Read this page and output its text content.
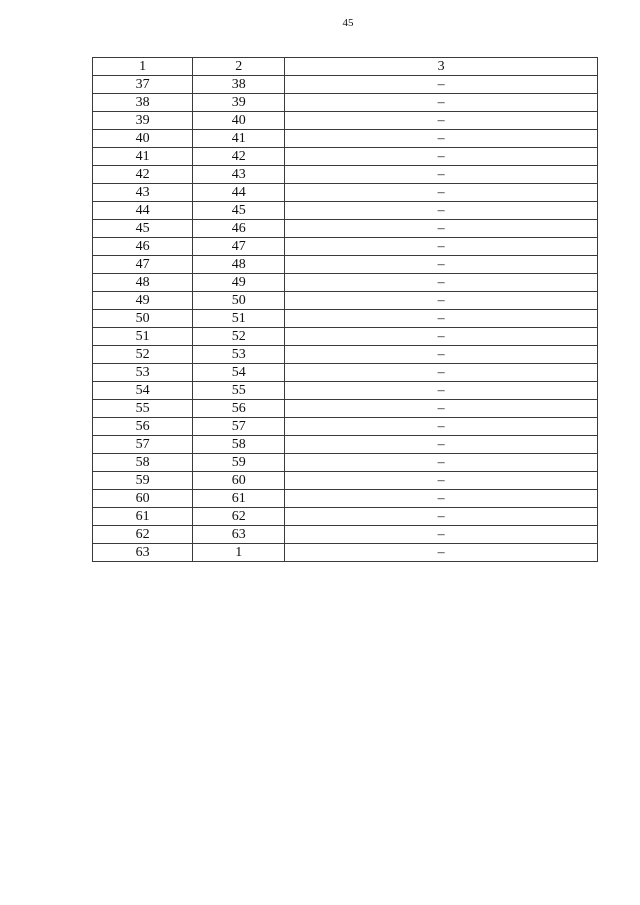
45
1	2	3
37	38	–
38	39	–
39	40	–
40	41	–
41	42	–
42	43	–
43	44	–
44	45	–
45	46	–
46	47	–
47	48	–
48	49	–
49	50	–
50	51	–
51	52	–
52	53	–
53	54	–
54	55	–
55	56	–
56	57	–
57	58	–
58	59	–
59	60	–
60	61	–
61	62	–
62	63	–
63	1	–
